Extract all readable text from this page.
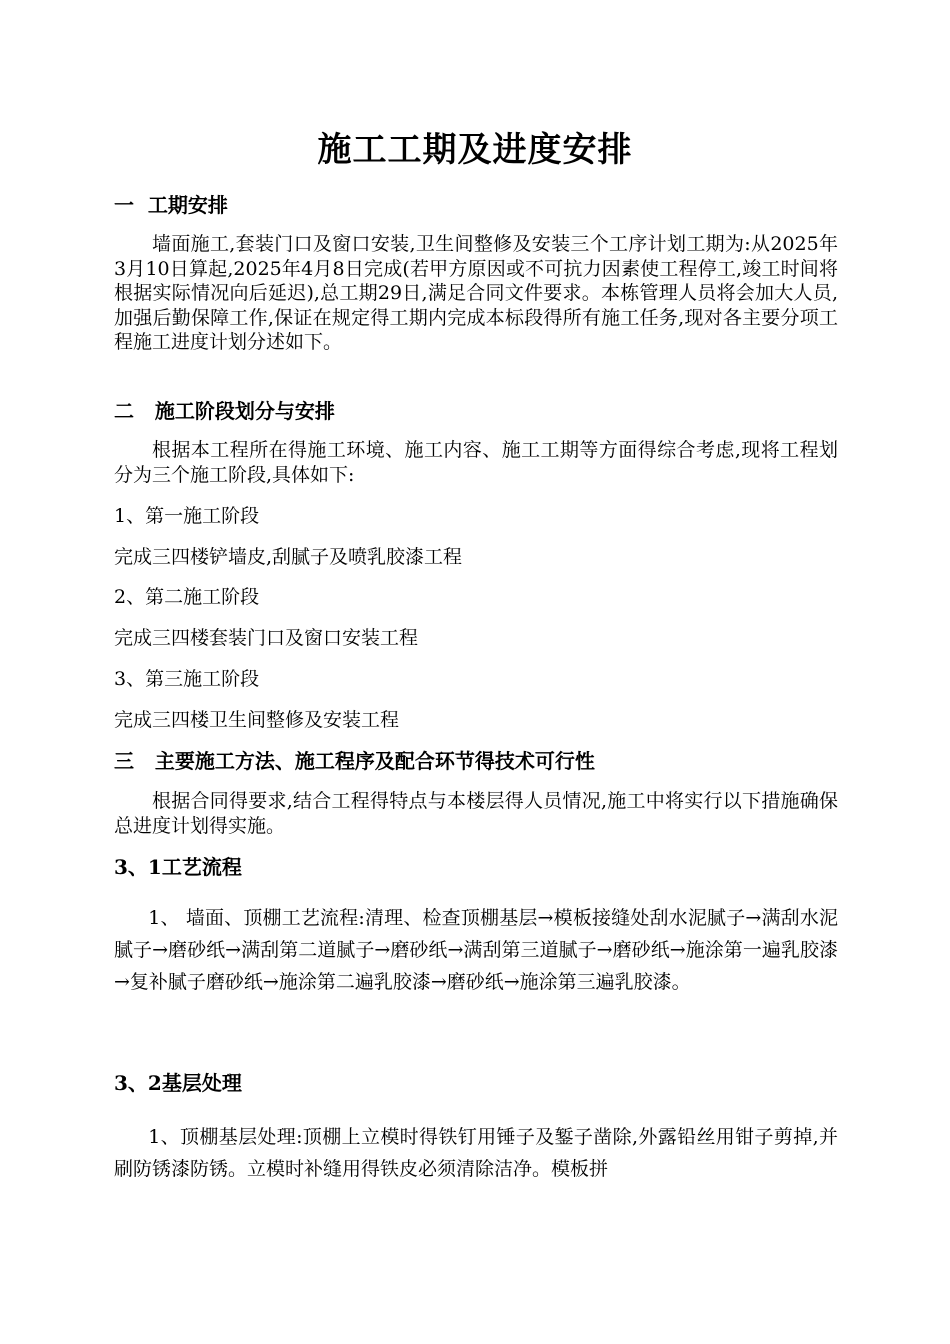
施工工期及进度安排
一  工期安排
墙面施工,套装门口及窗口安装,卫生间整修及安装三个工序计划工期为:从2025年3月10日算起,2025年4月8日完成(若甲方原因或不可抗力因素使工程停工,竣工时间将根据实际情况向后延迟),总工期29日,满足合同文件要求。本栋管理人员将会加大人员,加强后勤保障工作,保证在规定得工期内完成本标段得所有施工任务,现对各主要分项工程施工进度计划分述如下。
二   施工阶段划分与安排
根据本工程所在得施工环境、施工内容、施工工期等方面得综合考虑,现将工程划分为三个施工阶段,具体如下:
1、第一施工阶段
完成三四楼铲墙皮,刮腻子及喷乳胶漆工程
2、第二施工阶段
完成三四楼套装门口及窗口安装工程
3、第三施工阶段
完成三四楼卫生间整修及安装工程
三   主要施工方法、施工程序及配合环节得技术可行性
根据合同得要求,结合工程得特点与本楼层得人员情况,施工中将实行以下措施确保总进度计划得实施。
3、1工艺流程
1、 墙面、顶棚工艺流程:清理、检查顶棚基层→模板接缝处刮水泥腻子→满刮水泥腻子→磨砂纸→满刮第二道腻子→磨砂纸→满刮第三道腻子→磨砂纸→施涂第一遍乳胶漆→复补腻子磨砂纸→施涂第二遍乳胶漆→磨砂纸→施涂第三遍乳胶漆。
3、2基层处理
1、顶棚基层处理:顶棚上立模时得铁钉用锤子及錾子凿除,外露铅丝用钳子剪掉,并刷防锈漆防锈。立模时补缝用得铁皮必须清除洁净。模板拼
